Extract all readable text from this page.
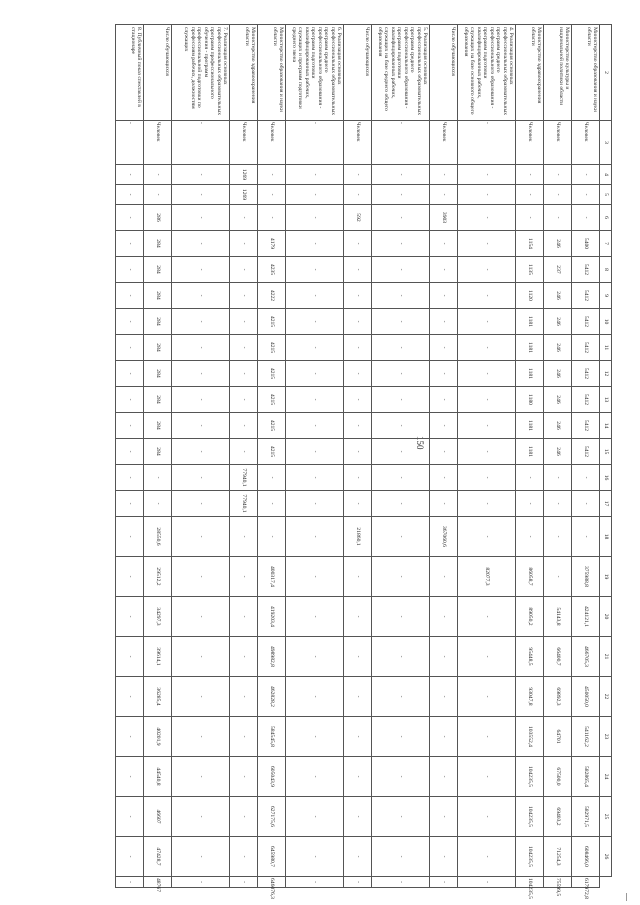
150
2	3	4	5	6	7	8	9	10	11	12	13	14	15	16	17	18	19	20	21	22	23	24	25	26	
Министерство образования и науки области	Человек	-	-	-	5400	5412	5412	5412	5412	5412	5412	5412	5412	-	-	-	375988,8	424121,1	466705,3	450050,0	541162,2	582865,4	582971,5	608466,0	617972,8
Министерство культуры и национальной политики области	Человек	-	-	-	246	237	246	246	246	246	246	246	246	-	-	-	-	54143,8	66400,7	69892,3	64701	67500,0	69403,2	71254,3	75599,5
Министерство здравоохранения области	Человек	-	-	-	1154	1135	1120	1181	1181	1181	1180	1181	1181	-	-	-	86058,7	89050,2	95448,5	93047,8	103552,4	104235,5	104235,5	104235,5	104235,5
4. Реализация основных профессиональных образовательных программ среднего профессионального образования - программ подготовки квалифицированных рабочих, служащих на базе основного общего образования	-	-	-	-	-	-	-	-	-	-	-	-	-	-	-	-	82077,3	-	-	-	-	-	-	-	-
Число обучающихся	Человек	-	-	3903	-	-	-	-	-	-	-	-	-	-	-	367060,6	-	-	-	-	-	-	-	-	-
5. Реализация основных профессиональных образовательных программ среднего профессионального образования - программ подготовки квалифицированных рабочих, служащих на базе среднего общего образования	-	-	-	-	-	-	-	-	-	-	-	-	-	-	-	-	-	-	-	-	-	-	-	-	-
Число обучающихся	Человек	-	-	592	-	-	-	-	-	-	-	-	-	-	-	21860,1	-	-	-	-	-	-	-	-	-
6. Реализация основных профессиональных образовательных программ среднего профессионального образования - программ подготовки квалифицированных рабочих, служащих и программ подготовки среднего звена	-	-	-	-	-	-	-	-	-	-	-	-	-	-	-	-	-	-	-	-	-	-	-	-	-
Министерство образования и науки области	Человек	-	-	-	4179	4235	4222	4215	4215	4215	4215	4215	4215	-	-	-	400317,4	419203,4	498982,8	462828,2	584545,8	605043,9	627175,6	645980,7	646076,3
Министерство здравоохранения области	Человек	1269	1269	-	-	-	-	-	-	-	-	-	-	77940,1	77940,1	-	-	-	-	-	-	-	-	-	-
7. Реализация основных профессиональных образовательных программ профессионального обучения - программ профессиональной подготовки по профессиям рабочих, должностям служащих	-	-	-	-	-	-	-	-	-	-	-	-	-	-	-	-	-	-	-	-	-	-	-	-	-
Число обучающихся	Человек	-	-	286	284	284	284	284	284	284	284	284	284	-	-	28550,6	29512,2	34297,3	39614,1	36285,4	40201,9	44540,8	46607	47428,7	48767
8. Публичный показ спектаклей в стационаре	-	-	-	-	-	-	-	-	-	-	-	-	-	-	-	-	-	-	-	-	-	-	-	-	-
